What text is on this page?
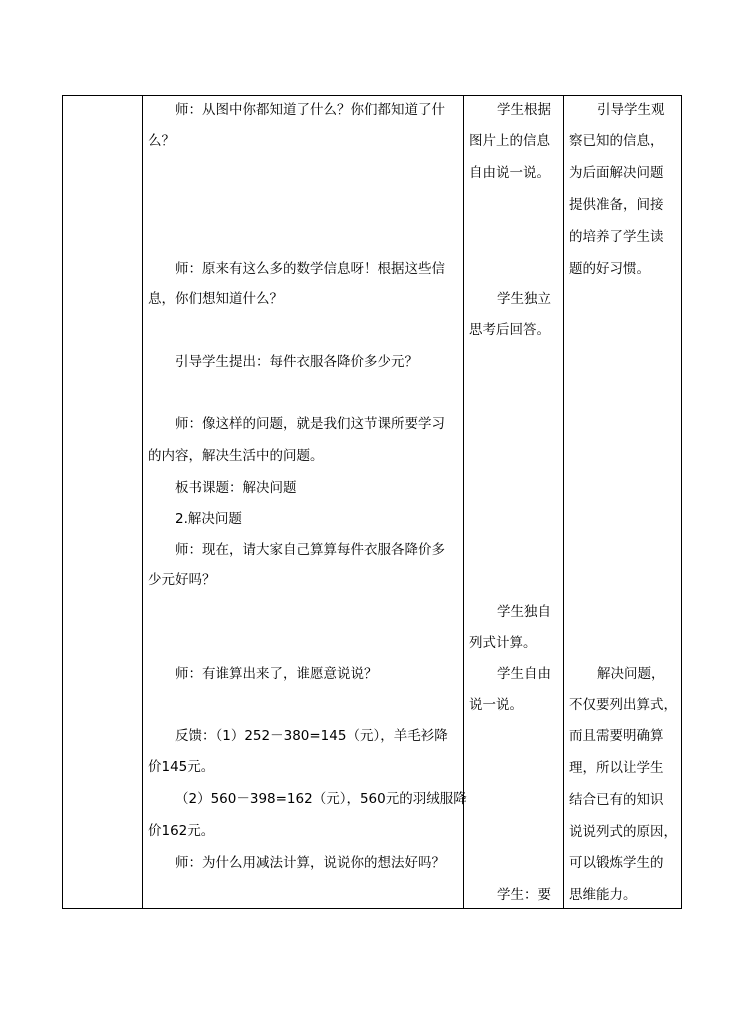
师：从图中你都知道了什么？你们都知道了什
么？
师：原来有这么多的数学信息呀！根据这些信
息，你们想知道什么？
引导学生提出：每件衣服各降价多少元？
师：像这样的问题，就是我们这节课所要学习
的内容，解决生活中的问题。
板书课题：解决问题
2.解决问题
师：现在，请大家自己算算每件衣服各降价多
少元好吗？
师：有谁算出来了，谁愿意说说？
反馈：（1）252－380=145（元），羊毛衫降
价145元。
（2）560－398=162（元），560元的羽绒服降
价162元。
师：为什么用减法计算，说说你的想法好吗？
学生根据
图片上的信息
自由说一说。
学生独立
思考后回答。
学生独自
列式计算。
学生自由
说一说。
学生：要
引导学生观
察已知的信息，
为后面解决问题
提供准备，间接
的培养了学生读
题的好习惯。
解决问题，
不仅要列出算式，
而且需要明确算
理，所以让学生
结合已有的知识
说说列式的原因，
可以锻炼学生的
思维能力。
